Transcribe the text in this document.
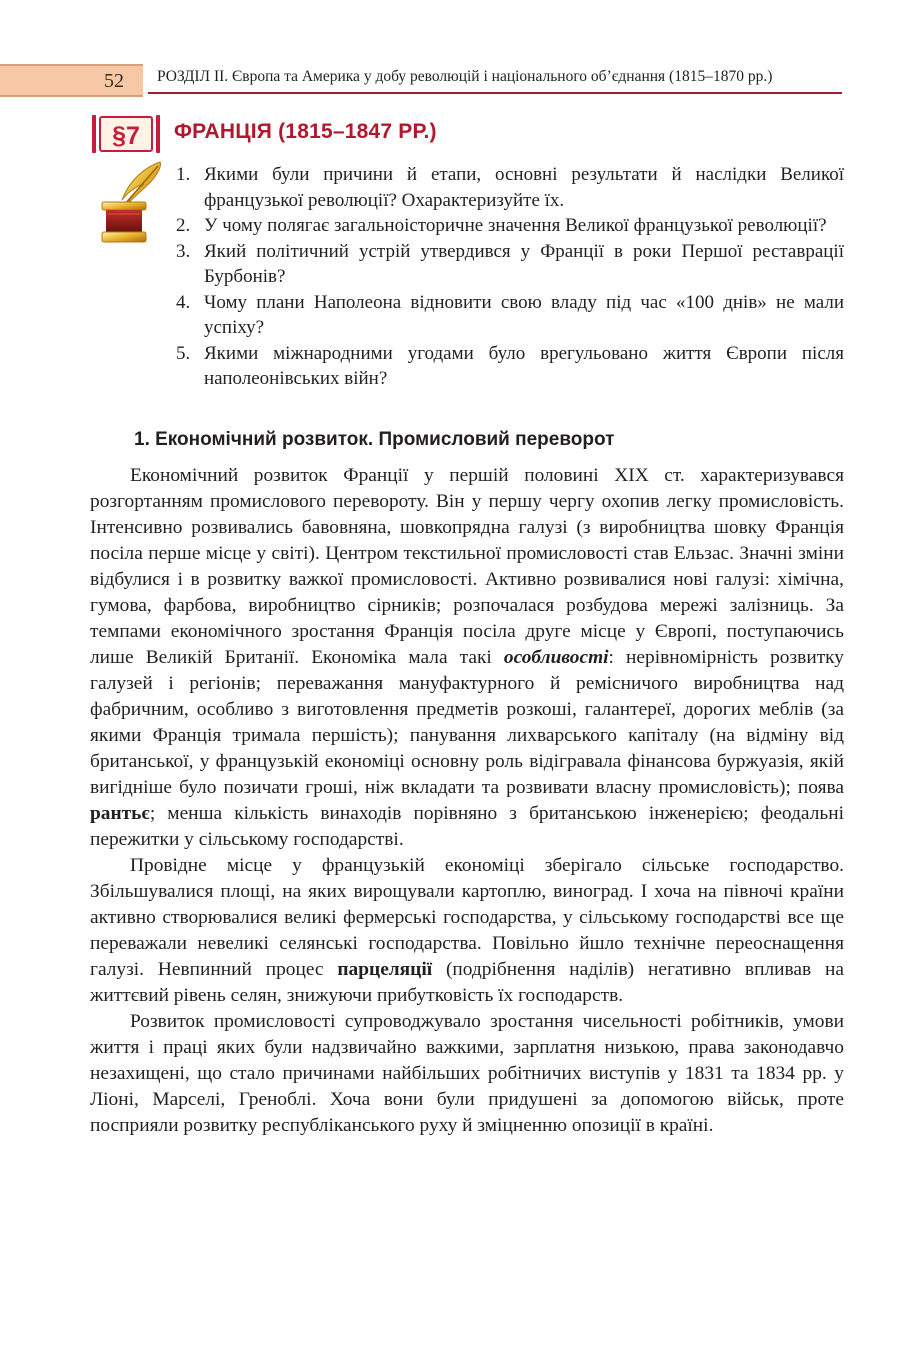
52	РОЗДІЛ ІІ. Європа та Америка у добу революцій і національного об’єднання (1815–1870 рр.)
§7	ФРАНЦІЯ (1815–1847 РР.)
1. Якими були причини й етапи, основні результати й наслідки Великої французької революції? Охарактеризуйте їх.
2. У чому полягає загальноісторичне значення Великої французької революції?
3. Який політичний устрій утвердився у Франції в роки Першої реставрації Бурбонів?
4. Чому плани Наполеона відновити свою владу під час «100 днів» не мали успіху?
5. Якими міжнародними угодами було врегульовано життя Європи після наполеонівських війн?
1. Економічний розвиток. Промисловий переворот

Економічний розвиток Франції у першій половині XIX ст. характеризувався розгортанням промислового перевороту. Він у першу чергу охопив легку промисловість. Інтенсивно розвивались бавовняна, шовкопрядна галузі (з виробництва шовку Франція посіла перше місце у світі). Центром текстильної промисловості став Ельзас. Значні зміни відбулися і в розвитку важкої промисловості. Активно розвивалися нові галузі: хімічна, гумова, фарбова, виробництво сірників; розпочалася розбудова мережі залізниць. За темпами економічного зростання Франція посіла друге місце у Європі, поступаючись лише Великій Британії. Економіка мала такі особливості: нерівномірність розвитку галузей і регіонів; переважання мануфактурного й ремісничого виробництва над фабричним, особливо з виготовлення предметів розкоші, галантереї, дорогих меблів (за якими Франція тримала першість); панування лихварського капіталу (на відміну від британської, у французькій економіці основну роль відігравала фінансова буржуазія, якій вигідніше було позичати гроші, ніж вкладати та розвивати власну промисловість); поява рантьє; менша кількість винаходів порівняно з британською інженерією; феодальні пережитки у сільському господарстві.

Провідне місце у французькій економіці зберігало сільське господарство. Збільшувалися площі, на яких вирощували картоплю, виноград. І хоча на півночі країни активно створювалися великі фермерські господарства, у сільському господарстві все ще переважали невеликі селянські господарства. Повільно йшло технічне переоснащення галузі. Невпинний процес парцеляції (подрібнення наділів) негативно впливав на життєвий рівень селян, знижуючи прибутковість їх господарств.

Розвиток промисловості супроводжувало зростання чисельності робітників, умови життя і праці яких були надзвичайно важкими, зарплатня низькою, права законодавчо незахищені, що стало причинами найбільших робітничих виступів у 1831 та 1834 рр. у Ліоні, Марселі, Греноблі. Хоча вони були придушені за допомогою військ, проте посприяли розвитку республіканського руху й зміцненню опозиції в країні.
